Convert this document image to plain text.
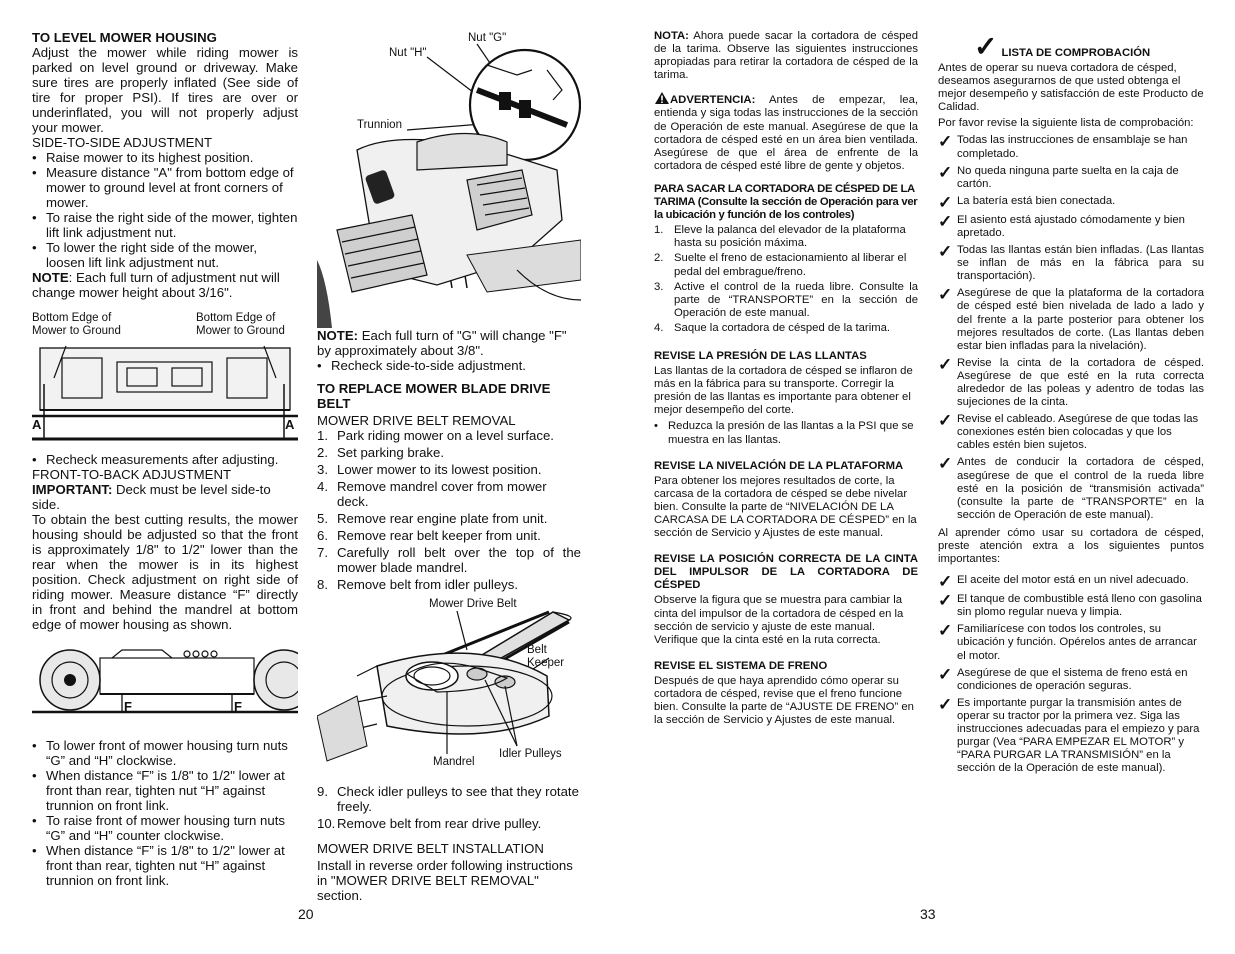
TO LEVEL MOWER HOUSING

Adjust the mower while riding mower is parked on level ground or driveway. Make sure tires are properly inflated (See side of tire for proper PSI). If tires are over or underinflated, you will not properly adjust your mower.

SIDE-TO-SIDE ADJUSTMENT

• Raise mower to its highest position.

• Measure distance "A" from bottom edge of mower to ground level at front corners of mower.

• To raise the right side of the mower, tighten lift link adjustment nut.

• To lower the right side of the mower, loosen lift link adjustment nut.

NOTE: Each full turn of adjustment nut will change mower height about 3/16".

Bottom Edge of
Mower to Ground
Bottom Edge of
Mower to Ground
A	A

• Recheck measurements after adjusting.

FRONT-TO-BACK ADJUSTMENT

IMPORTANT: Deck must be level side-to side.

To obtain the best cutting results, the mower housing should be adjusted so that the front is approximately 1/8" to 1/2" lower than the rear when the mower is in its highest position. Check adjustment on right side of riding mower. Measure distance “F” directly in front and behind the mandrel at bottom edge of mower housing as shown.

F	F

• To lower front of mower housing turn nuts “G” and “H” clockwise.

• When distance “F” is 1/8" to 1/2" lower at front than rear, tighten nut “H” against trunnion on front link.

• To raise front of mower housing turn nuts “G” and “H” counter clockwise.

• When distance “F” is 1/8" to 1/2" lower at front than rear, tighten nut “H” against trunnion on front link.

Nut "G"
Nut "H"
Trunnion

NOTE: Each full turn of "G" will change "F" by approximately about 3/8".

• Recheck side-to-side adjustment.

TO REPLACE MOWER BLADE DRIVE BELT

MOWER DRIVE BELT REMOVAL

1. Park riding mower on a level surface.
2. Set parking brake.
3. Lower mower to its lowest position.
4. Remove mandrel cover from mower deck.
5. Remove rear engine plate from unit.
6. Remove rear belt keeper from unit.
7. Carefully roll belt over the top of the mower blade mandrel.
8. Remove belt from idler pulleys.
Mower Drive Belt
Belt
Keeper
Mandrel
Idler Pulleys
9. Check idler pulleys to see that they rotate freely.
10. Remove belt from rear drive pulley.

MOWER DRIVE BELT INSTALLATION

Install in reverse order following instructions in "MOWER DRIVE BELT REMOVAL" section.

NOTA: Ahora puede sacar la cortadora de césped de la tarima. Observe las siguientes instrucciones apropiadas para retirar la cortadora de césped de la tarima.

ADVERTENCIA: Antes de empezar, lea, entienda y siga todas las instrucciones de la sección de Operación de este manual. Asegúrese de que la cortadora de césped esté en un área bien ventilada. Asegúrese de que el área de enfrente de la cortadora de césped esté libre de gente y objetos.

PARA SACAR LA CORTADORA DE CÉSPED DE LA TARIMA (Consulte la sección de Operación para ver la ubicación y función de los controles)
1. Eleve la palanca del elevador de la plataforma hasta su posición máxima.
2. Suelte el freno de estacionamiento al liberar el pedal del embrague/freno.
3. Active el control de la rueda libre. Consulte la parte de “TRANSPORTE” en la sección de Operación de este manual.
4. Saque la cortadora de césped de la tarima.
REVISE LA PRESIÓN DE LAS LLANTAS

Las llantas de la cortadora de césped se inflaron de más en la fábrica para su transporte. Corregir la presión de las llantas es importante para obtener el mejor desempeño del corte.

• Reduzca la presión de las llantas a la PSI que se muestra en las llantas.

REVISE LA NIVELACIÓN DE LA PLATAFORMA

Para obtener los mejores resultados de corte, la carcasa de la cortadora de césped se debe nivelar bien. Consulte la parte de “NIVELACIÓN DE LA CARCASA DE LA CORTADORA DE CÉSPED” en la sección de Servicio y Ajustes de este manual.

REVISE LA POSICIÓN CORRECTA DE LA CINTA DEL IMPULSOR DE LA CORTADORA DE CÉSPED

Observe la figura que se muestra para cambiar la cinta del impulsor de la cortadora de césped en la sección de servicio y ajuste de este manual. Verifique que la cinta esté en la ruta correcta.

REVISE EL SISTEMA DE FRENO

Después de que haya aprendido cómo operar su cortadora de césped, revise que el freno funcione bien. Consulte la parte de “AJUSTE DE FRENO” en la sección de Servicio y Ajustes de este manual.

✓ LISTA DE COMPROBACIÓN

Antes de operar su nueva cortadora de césped, deseamos asegurarnos de que usted obtenga el mejor desempeño y satisfacción de este Producto de Calidad.

Por favor revise la siguiente lista de comprobación:

✓ Todas las instrucciones de ensamblaje se han completado.
✓ No queda ninguna parte suelta en la caja de cartón.
✓ La batería está bien conectada.
✓ El asiento está ajustado cómodamente y bien apretado.
✓ Todas las llantas están bien infladas. (Las llantas se inflan de más en la fábrica para su transportación).
✓ Asegúrese de que la plataforma de la cortadora de césped esté bien nivelada de lado a lado y del frente a la parte posterior para obtener los mejores resultados de corte. (Las llantas deben estar bien infladas para la nivelación).
✓ Revise la cinta de la cortadora de césped. Asegúrese de que esté en la ruta correcta alrededor de las poleas y adentro de todas las sujeciones de la cinta.
✓ Revise el cableado. Asegúrese de que todas las conexiones estén bien colocadas y que los cables estén bien sujetos.
✓ Antes de conducir la cortadora de césped, asegúrese de que el control de la rueda libre esté en la posición de “transmisión activada” (consulte la parte de “TRANSPORTE” en la sección de Operación de este manual).

Al aprender cómo usar su cortadora de césped, preste atención extra a los siguientes puntos importantes:

✓ El aceite del motor está en un nivel adecuado.
✓ El tanque de combustible está lleno con gasolina sin plomo regular nueva y limpia.
✓ Familiarícese con todos los controles, su ubicación y función. Opérelos antes de arrancar el motor.
✓ Asegúrese de que el sistema de freno está en condiciones de operación seguras.
✓ Es importante purgar la transmisión antes de operar su tractor por la primera vez. Siga las instrucciones adecuadas para el empiezo y para purgar (Vea “PARA EMPEZAR EL MOTOR” y “PARA PURGAR LA TRANSMISIÓN” en la sección de la Operación de este manual).
20	33
